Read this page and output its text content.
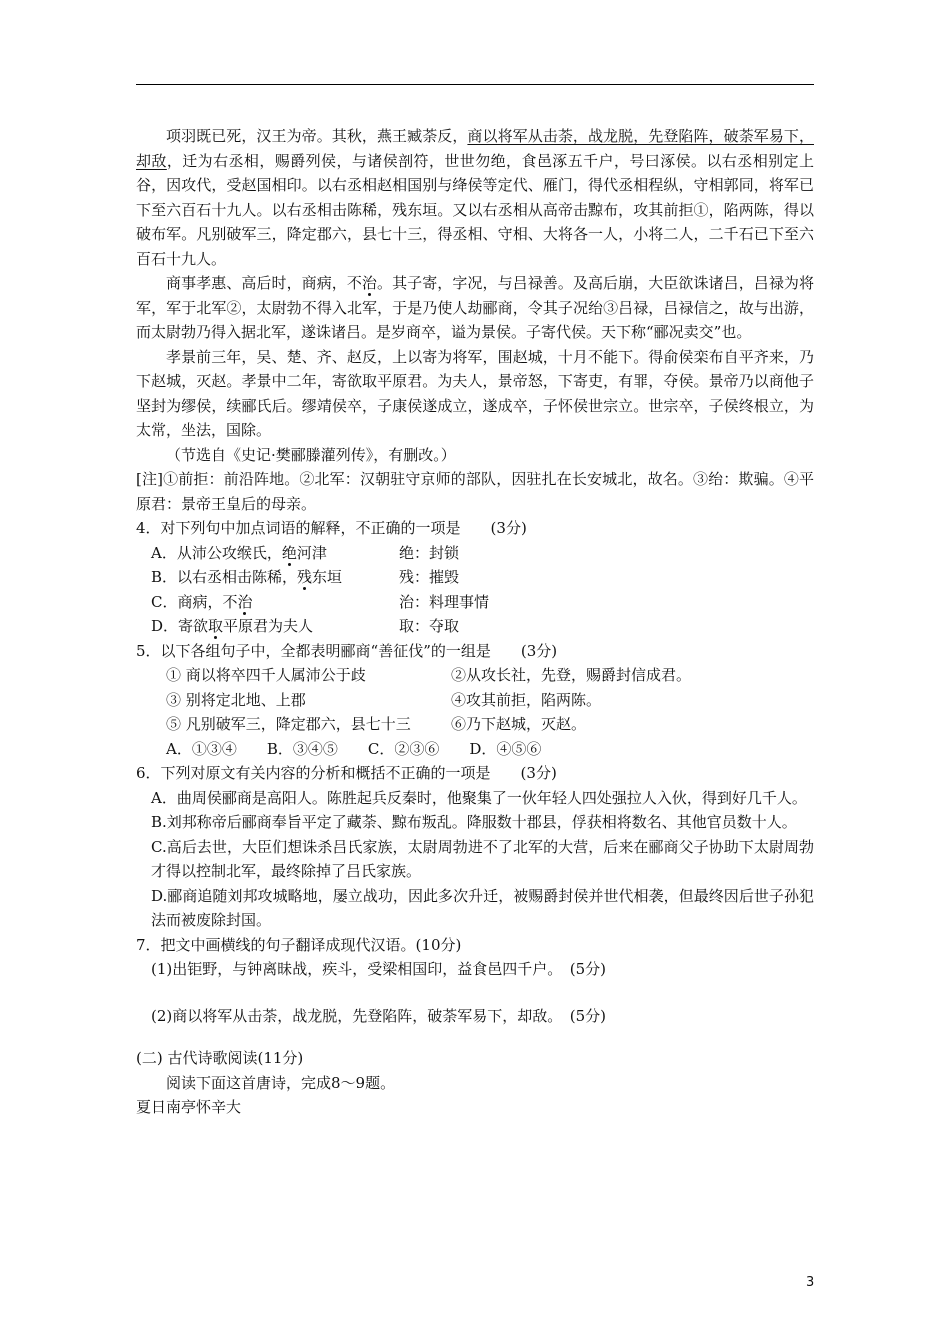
项羽既已死，汉王为帝。其秋，燕王臧荼反，商以将军从击荼，战龙脱，先登陷阵，破荼军易下，却敌，迁为右丞相，赐爵列侯，与诸侯剖符，世世勿绝，食邑涿五千户，号曰涿侯。以右丞相别定上谷，因攻代，受赵国相印。以右丞相赵相国别与绛侯等定代、雁门，得代丞相程纵，守相郭同，将军已下至六百石十九人。以右丞相击陈稀，残东垣。又以右丞相从高帝击黥布，攻其前拒①，陷两陈，得以破布军。凡别破军三，降定郡六，县七十三，得丞相、守相、大将各一人，小将二人，二千石已下至六百石十九人。

商事孝惠、高后时，商病，不治。其子寄，字况，与吕禄善。及高后崩，大臣欲诛诸吕，吕禄为将军，军于北军②，太尉勃不得入北军，于是乃使人劫郦商，令其子况绐③吕禄，吕禄信之，故与出游，而太尉勃乃得入据北军，遂诛诸吕。是岁商卒，谥为景侯。子寄代侯。天下称“郦况卖交”也。

孝景前三年，吴、楚、齐、赵反，上以寄为将军，围赵城，十月不能下。得俞侯栾布自平齐来，乃下赵城，灭赵。孝景中二年，寄欲取平原君。为夫人，景帝怒，下寄吏，有罪，夺侯。景帝乃以商他子坚封为缪侯，续郦氏后。缪靖侯卒，子康侯遂成立，遂成卒，子怀侯世宗立。世宗卒，子侯终根立，为太常，坐法，国除。

（节选自《史记·樊郦滕灌列传》，有删改。）

[注]①前拒：前沿阵地。②北军：汉朝驻守京师的部队，因驻扎在长安城北，故名。③绐：欺骗。④平原君：景帝王皇后的母亲。

4．对下列句中加点词语的解释，不正确的一项是　　(3分)

A．从沛公攻缑氏，绝河津	绝：封锁
B．以右丞相击陈稀，残东垣	残：摧毁
C．商病，不治	治：料理事情
D．寄欲取平原君为夫人	取：夺取

5．以下各组句子中，全都表明郦商“善征伐”的一组是　　(3分)

① 商以将卒四千人属沛公于歧	②从攻长社，先登，赐爵封信成君。
③ 别将定北地、上郡	④攻其前拒，陷两陈。
⑤ 凡别破军三，降定郡六，县七十三	⑥乃下赵城，灭赵。
A．①③④ B．③④⑤ C．②③⑥ D．④⑤⑥

6．下列对原文有关内容的分析和概括不正确的一项是　　(3分)

A．曲周侯郦商是高阳人。陈胜起兵反秦时，他聚集了一伙年轻人四处强拉人入伙，得到好几千人。

B.刘邦称帝后郦商奉旨平定了藏荼、黥布叛乱。降服数十郡县，俘获相将数名、其他官员数十人。

C.高后去世，大臣们想诛杀吕氏家族，太尉周勃进不了北军的大营，后来在郦商父子协助下太尉周勃才得以控制北军，最终除掉了吕氏家族。

D.郦商追随刘邦攻城略地，屡立战功，因此多次升迁，被赐爵封侯并世代相袭，但最终因后世子孙犯法而被废除封国。

7．把文中画横线的句子翻译成现代汉语。(10分)

(1)出钜野，与钟离昧战，疾斗，受梁相国印，益食邑四千户。　(5分)

(2)商以将军从击荼，战龙脱，先登陷阵，破荼军易下，却敌。　(5分)

(二) 古代诗歌阅读(11分)

阅读下面这首唐诗，完成8～9题。

夏日南亭怀辛大

3
